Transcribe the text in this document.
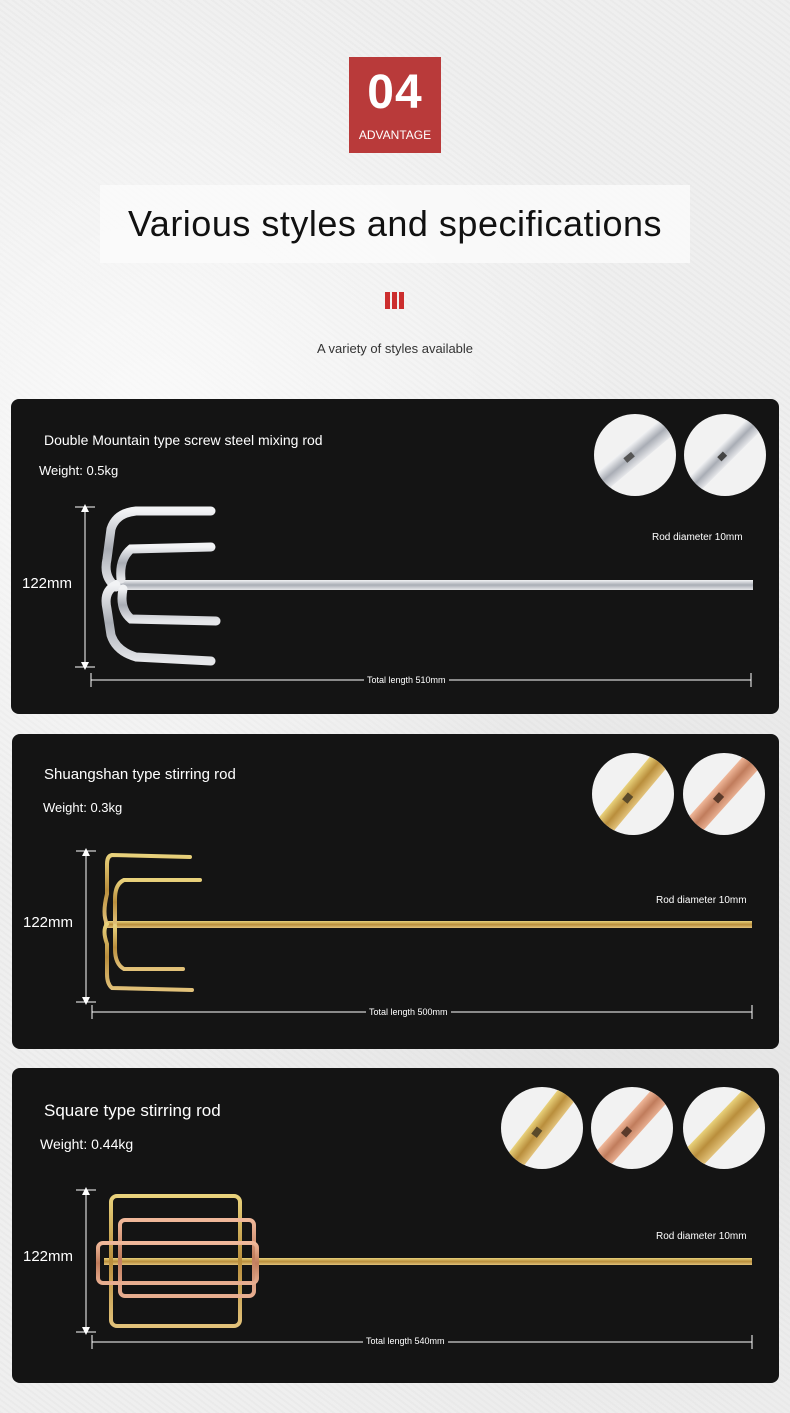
04
ADVANTAGE
Various styles and specifications
A variety of styles available
Double Mountain type screw steel mixing rod
Weight: 0.5kg
122mm
Rod diameter 10mm
Total length 510mm
Shuangshan type stirring rod
Weight: 0.3kg
122mm
Rod diameter 10mm
Total length 500mm
Square type stirring rod
Weight: 0.44kg
122mm
Rod diameter 10mm
Total length 540mm
